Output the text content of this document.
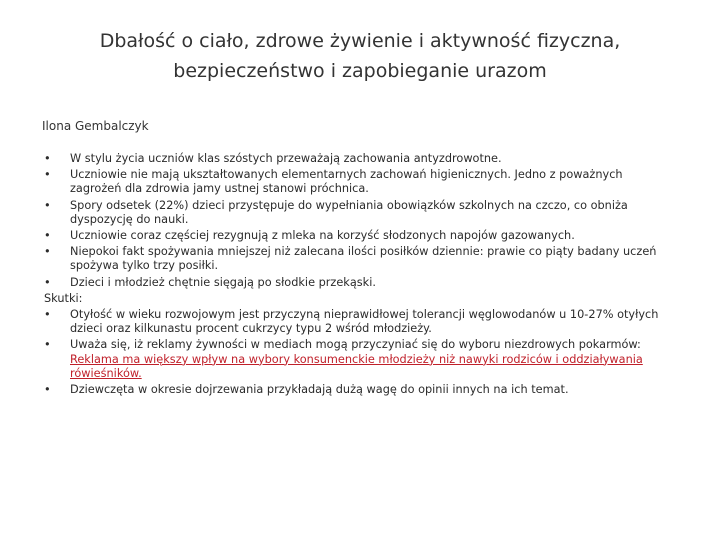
Dbałość o ciało, zdrowe żywienie i aktywność fizyczna,
bezpieczeństwo i zapobieganie urazom
Ilona Gembalczyk
• W stylu życia uczniów klas szóstych przeważają zachowania antyzdrowotne.
• Uczniowie nie mają ukształtowanych elementarnych zachowań higienicznych. Jedno z poważnych zagrożeń dla zdrowia jamy ustnej stanowi próchnica.
• Spory odsetek (22%) dzieci przystępuje do wypełniania obowiązków szkolnych na czczo, co obniża dyspozycję do nauki.
• Uczniowie coraz częściej rezygnują z mleka na korzyść słodzonych napojów gazowanych.
• Niepokoi fakt spożywania mniejszej niż zalecana ilości posiłków dziennie: prawie co piąty badany uczeń spożywa tylko trzy posiłki.
• Dzieci i młodzież chętnie sięgają po słodkie przekąski.
Skutki:
• Otyłość w wieku rozwojowym jest przyczyną nieprawidłowej tolerancji węglowodanów u 10-27% otyłych dzieci oraz kilkunastu procent cukrzycy typu 2 wśród młodzieży.
• Uważa się, iż reklamy żywności w mediach mogą przyczyniać się do wyboru niezdrowych pokarmów: Reklama ma większy wpływ na wybory konsumenckie młodzieży niż nawyki rodziców i oddziaływania rówieśników.
• Dziewczęta w okresie dojrzewania przykładają dużą wagę do opinii innych na ich temat.
